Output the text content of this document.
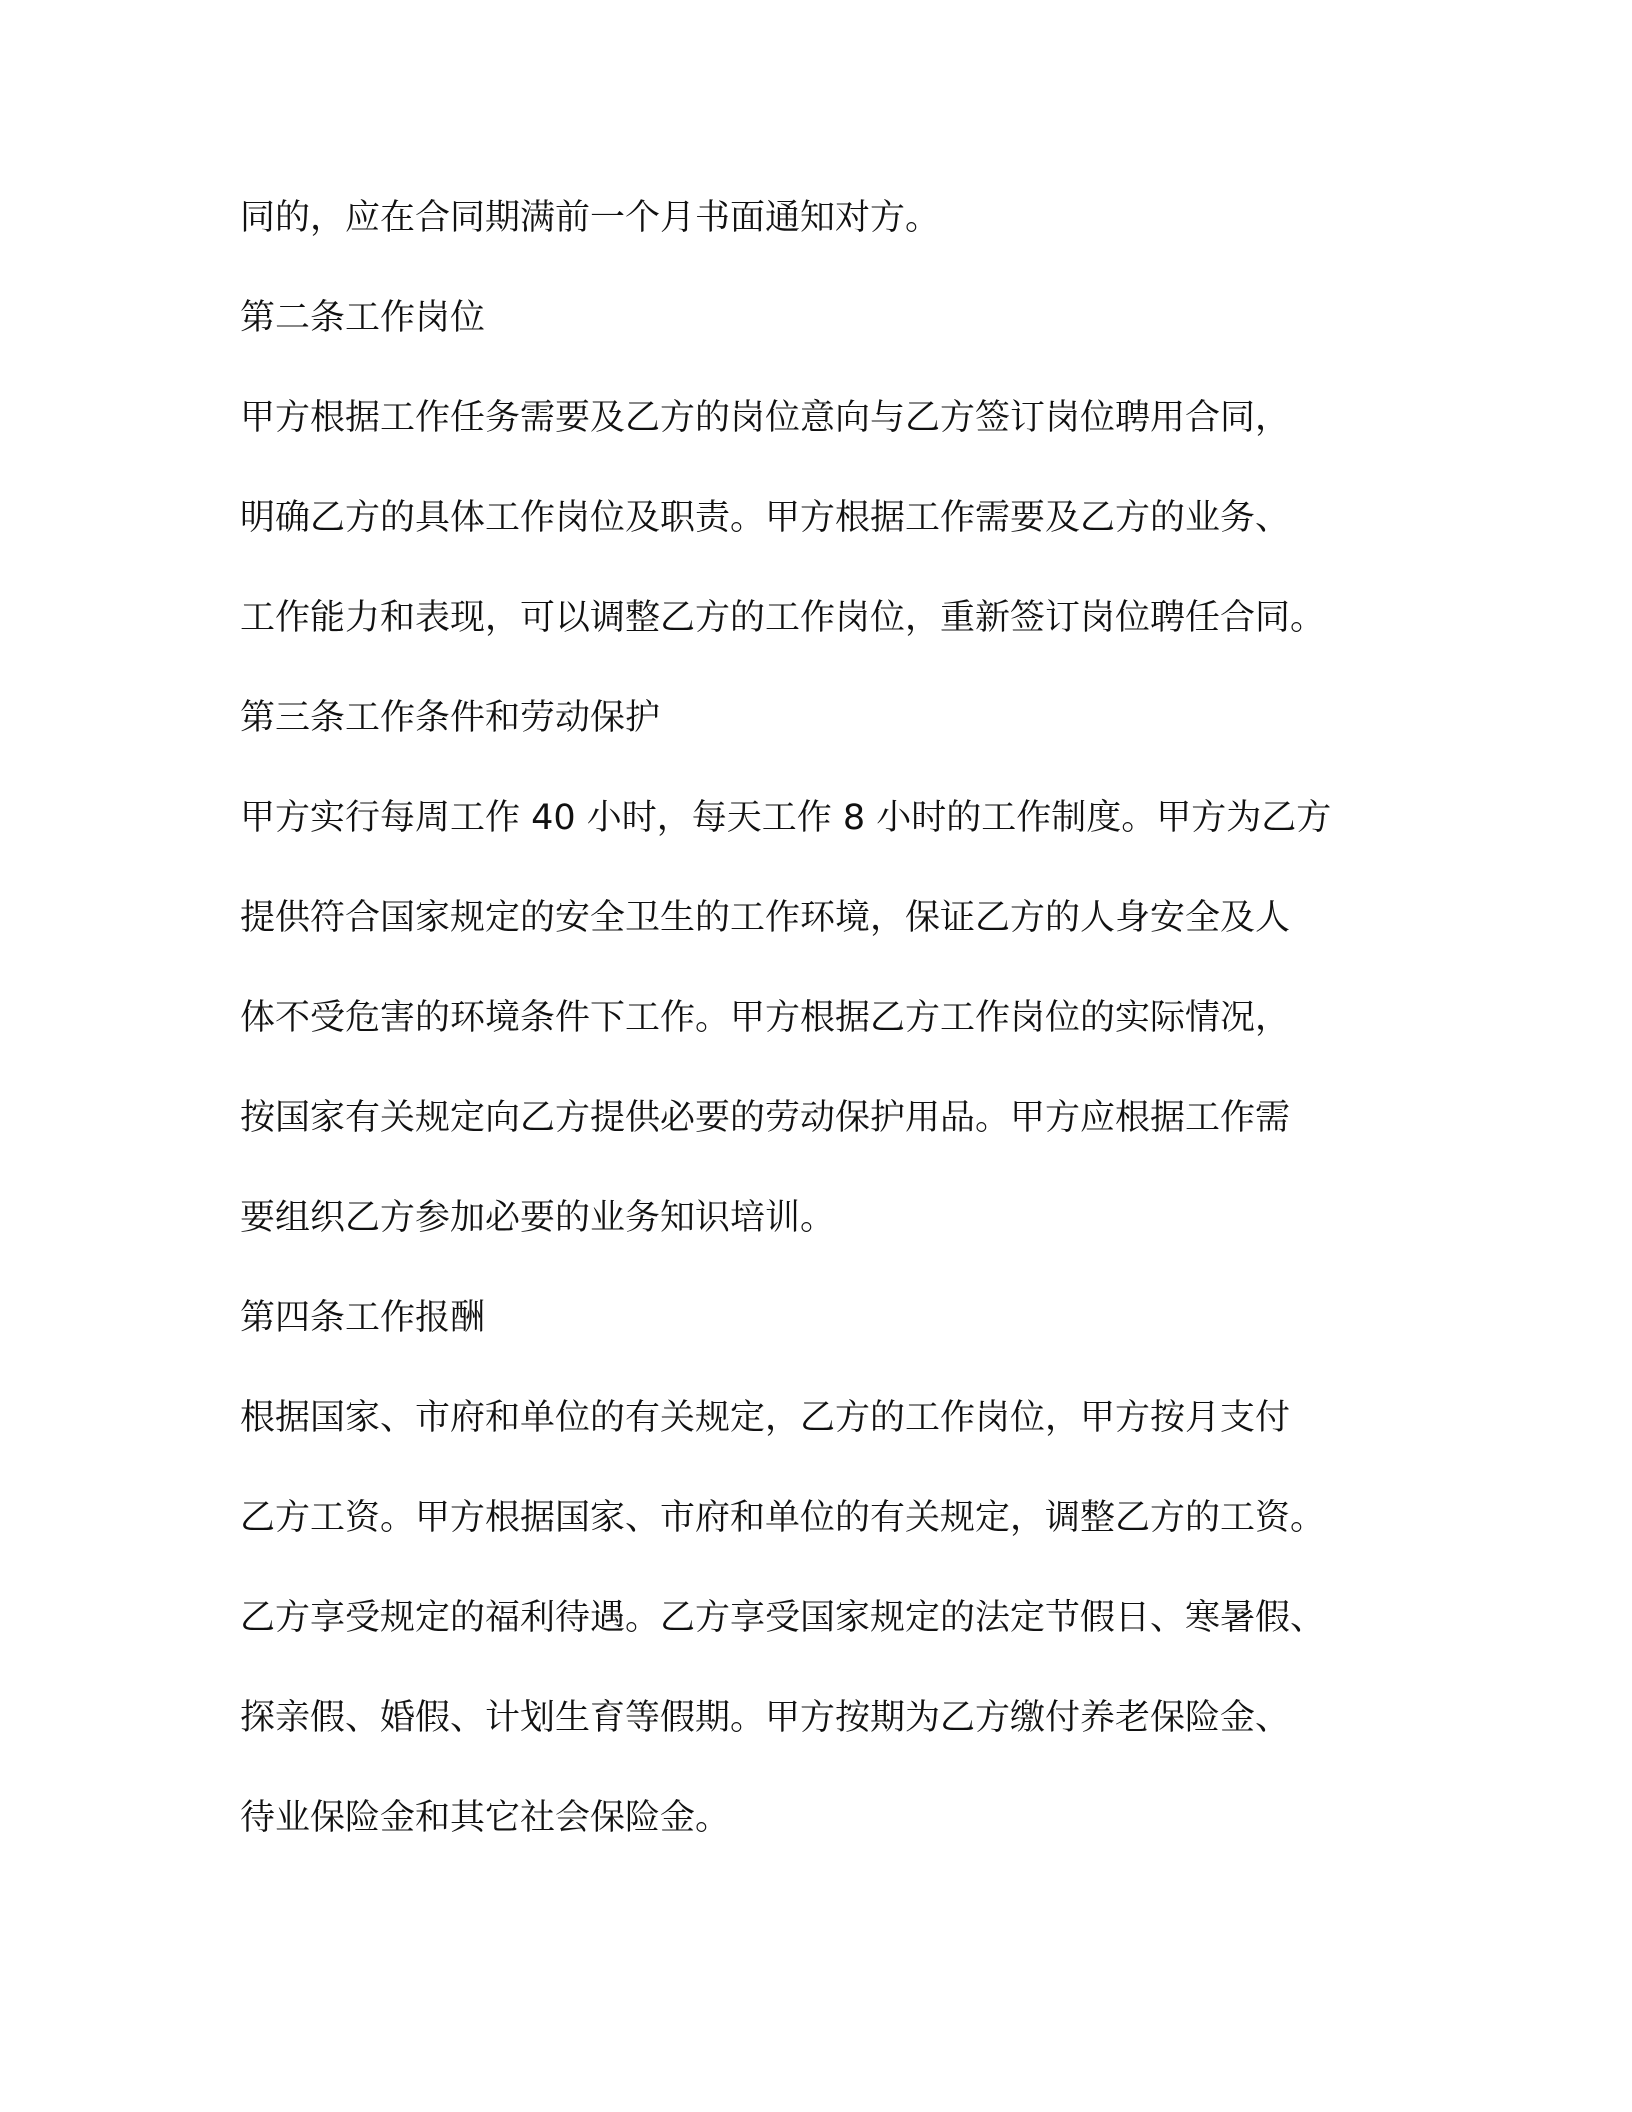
同的，应在合同期满前一个月书面通知对方。
第二条工作岗位
甲方根据工作任务需要及乙方的岗位意向与乙方签订岗位聘用合同，
明确乙方的具体工作岗位及职责。甲方根据工作需要及乙方的业务、
工作能力和表现，可以调整乙方的工作岗位，重新签订岗位聘任合同。
第三条工作条件和劳动保护
甲方实行每周工作 40 小时，每天工作 8 小时的工作制度。甲方为乙方
提供符合国家规定的安全卫生的工作环境，保证乙方的人身安全及人
体不受危害的环境条件下工作。甲方根据乙方工作岗位的实际情况，
按国家有关规定向乙方提供必要的劳动保护用品。甲方应根据工作需
要组织乙方参加必要的业务知识培训。
第四条工作报酬
根据国家、市府和单位的有关规定，乙方的工作岗位，甲方按月支付
乙方工资。甲方根据国家、市府和单位的有关规定，调整乙方的工资。
乙方享受规定的福利待遇。乙方享受国家规定的法定节假日、寒暑假、
探亲假、婚假、计划生育等假期。甲方按期为乙方缴付养老保险金、
待业保险金和其它社会保险金。
